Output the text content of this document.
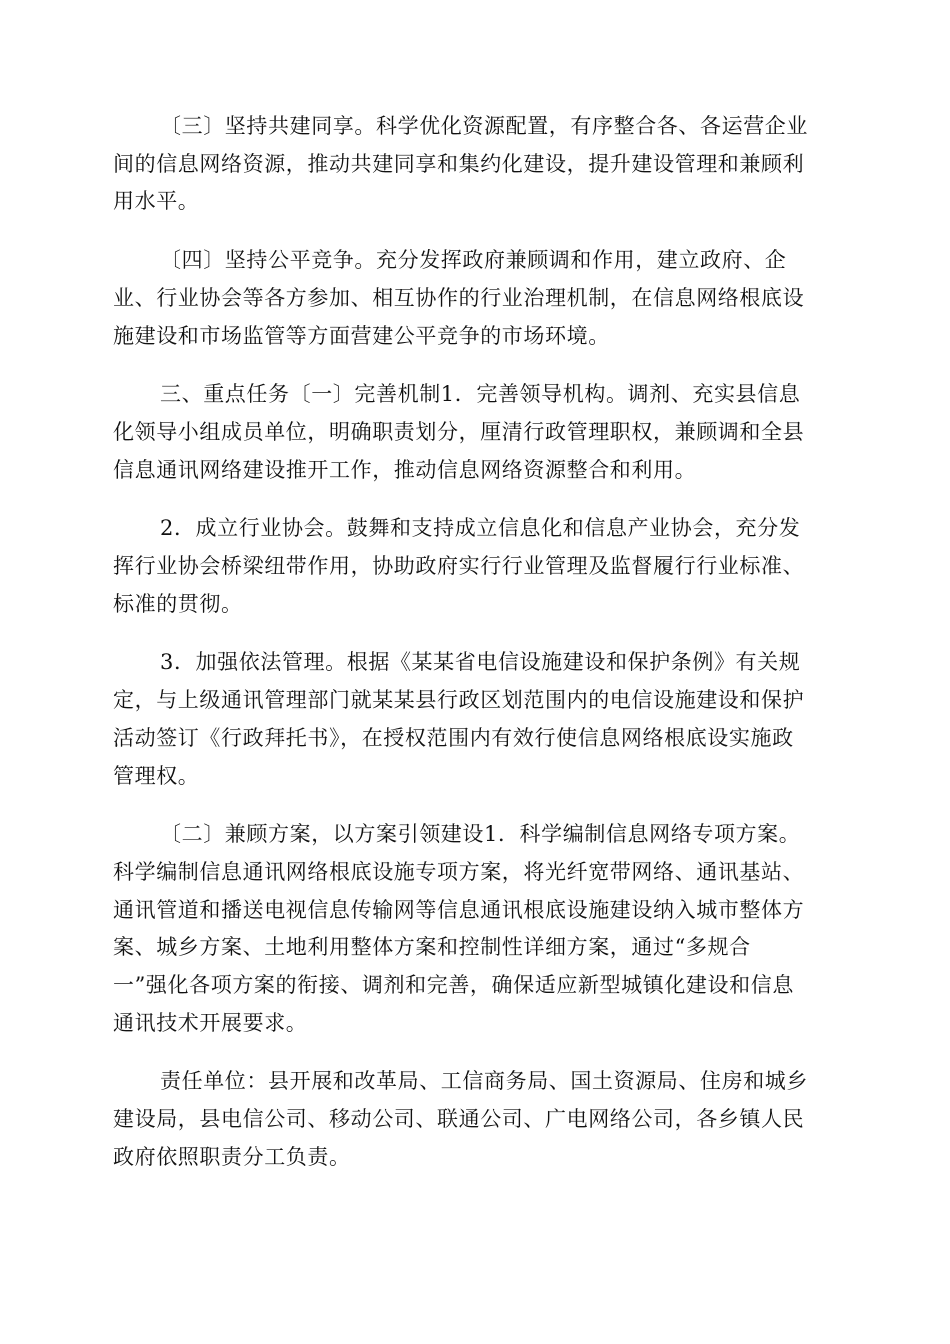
〔三〕坚持共建同享。科学优化资源配置，有序整合各、各运营企业
间的信息网络资源，推动共建同享和集约化建设，提升建设管理和兼顾利
用水平。

〔四〕坚持公平竞争。充分发挥政府兼顾调和作用，建立政府、企
业、行业协会等各方参加、相互协作的行业治理机制，在信息网络根底设
施建设和市场监管等方面营建公平竞争的市场环境。

三、重点任务〔一〕完善机制1．完善领导机构。调剂、充实县信息
化领导小组成员单位，明确职责划分，厘清行政管理职权，兼顾调和全县
信息通讯网络建设推开工作，推动信息网络资源整合和利用。

2．成立行业协会。鼓舞和支持成立信息化和信息产业协会，充分发
挥行业协会桥梁纽带作用，协助政府实行行业管理及监督履行行业标准、
标准的贯彻。

3．加强依法管理。根据《某某省电信设施建设和保护条例》有关规
定，与上级通讯管理部门就某某县行政区划范围内的电信设施建设和保护
活动签订《行政拜托书》，在授权范围内有效行使信息网络根底设实施政
管理权。

〔二〕兼顾方案，以方案引领建设1．科学编制信息网络专项方案。
科学编制信息通讯网络根底设施专项方案，将光纤宽带网络、通讯基站、
通讯管道和播送电视信息传输网等信息通讯根底设施建设纳入城市整体方
案、城乡方案、土地利用整体方案和控制性详细方案，通过“多规合
一”强化各项方案的衔接、调剂和完善，确保适应新型城镇化建设和信息
通讯技术开展要求。

责任单位：县开展和改革局、工信商务局、国土资源局、住房和城乡
建设局，县电信公司、移动公司、联通公司、广电网络公司，各乡镇人民
政府依照职责分工负责。
